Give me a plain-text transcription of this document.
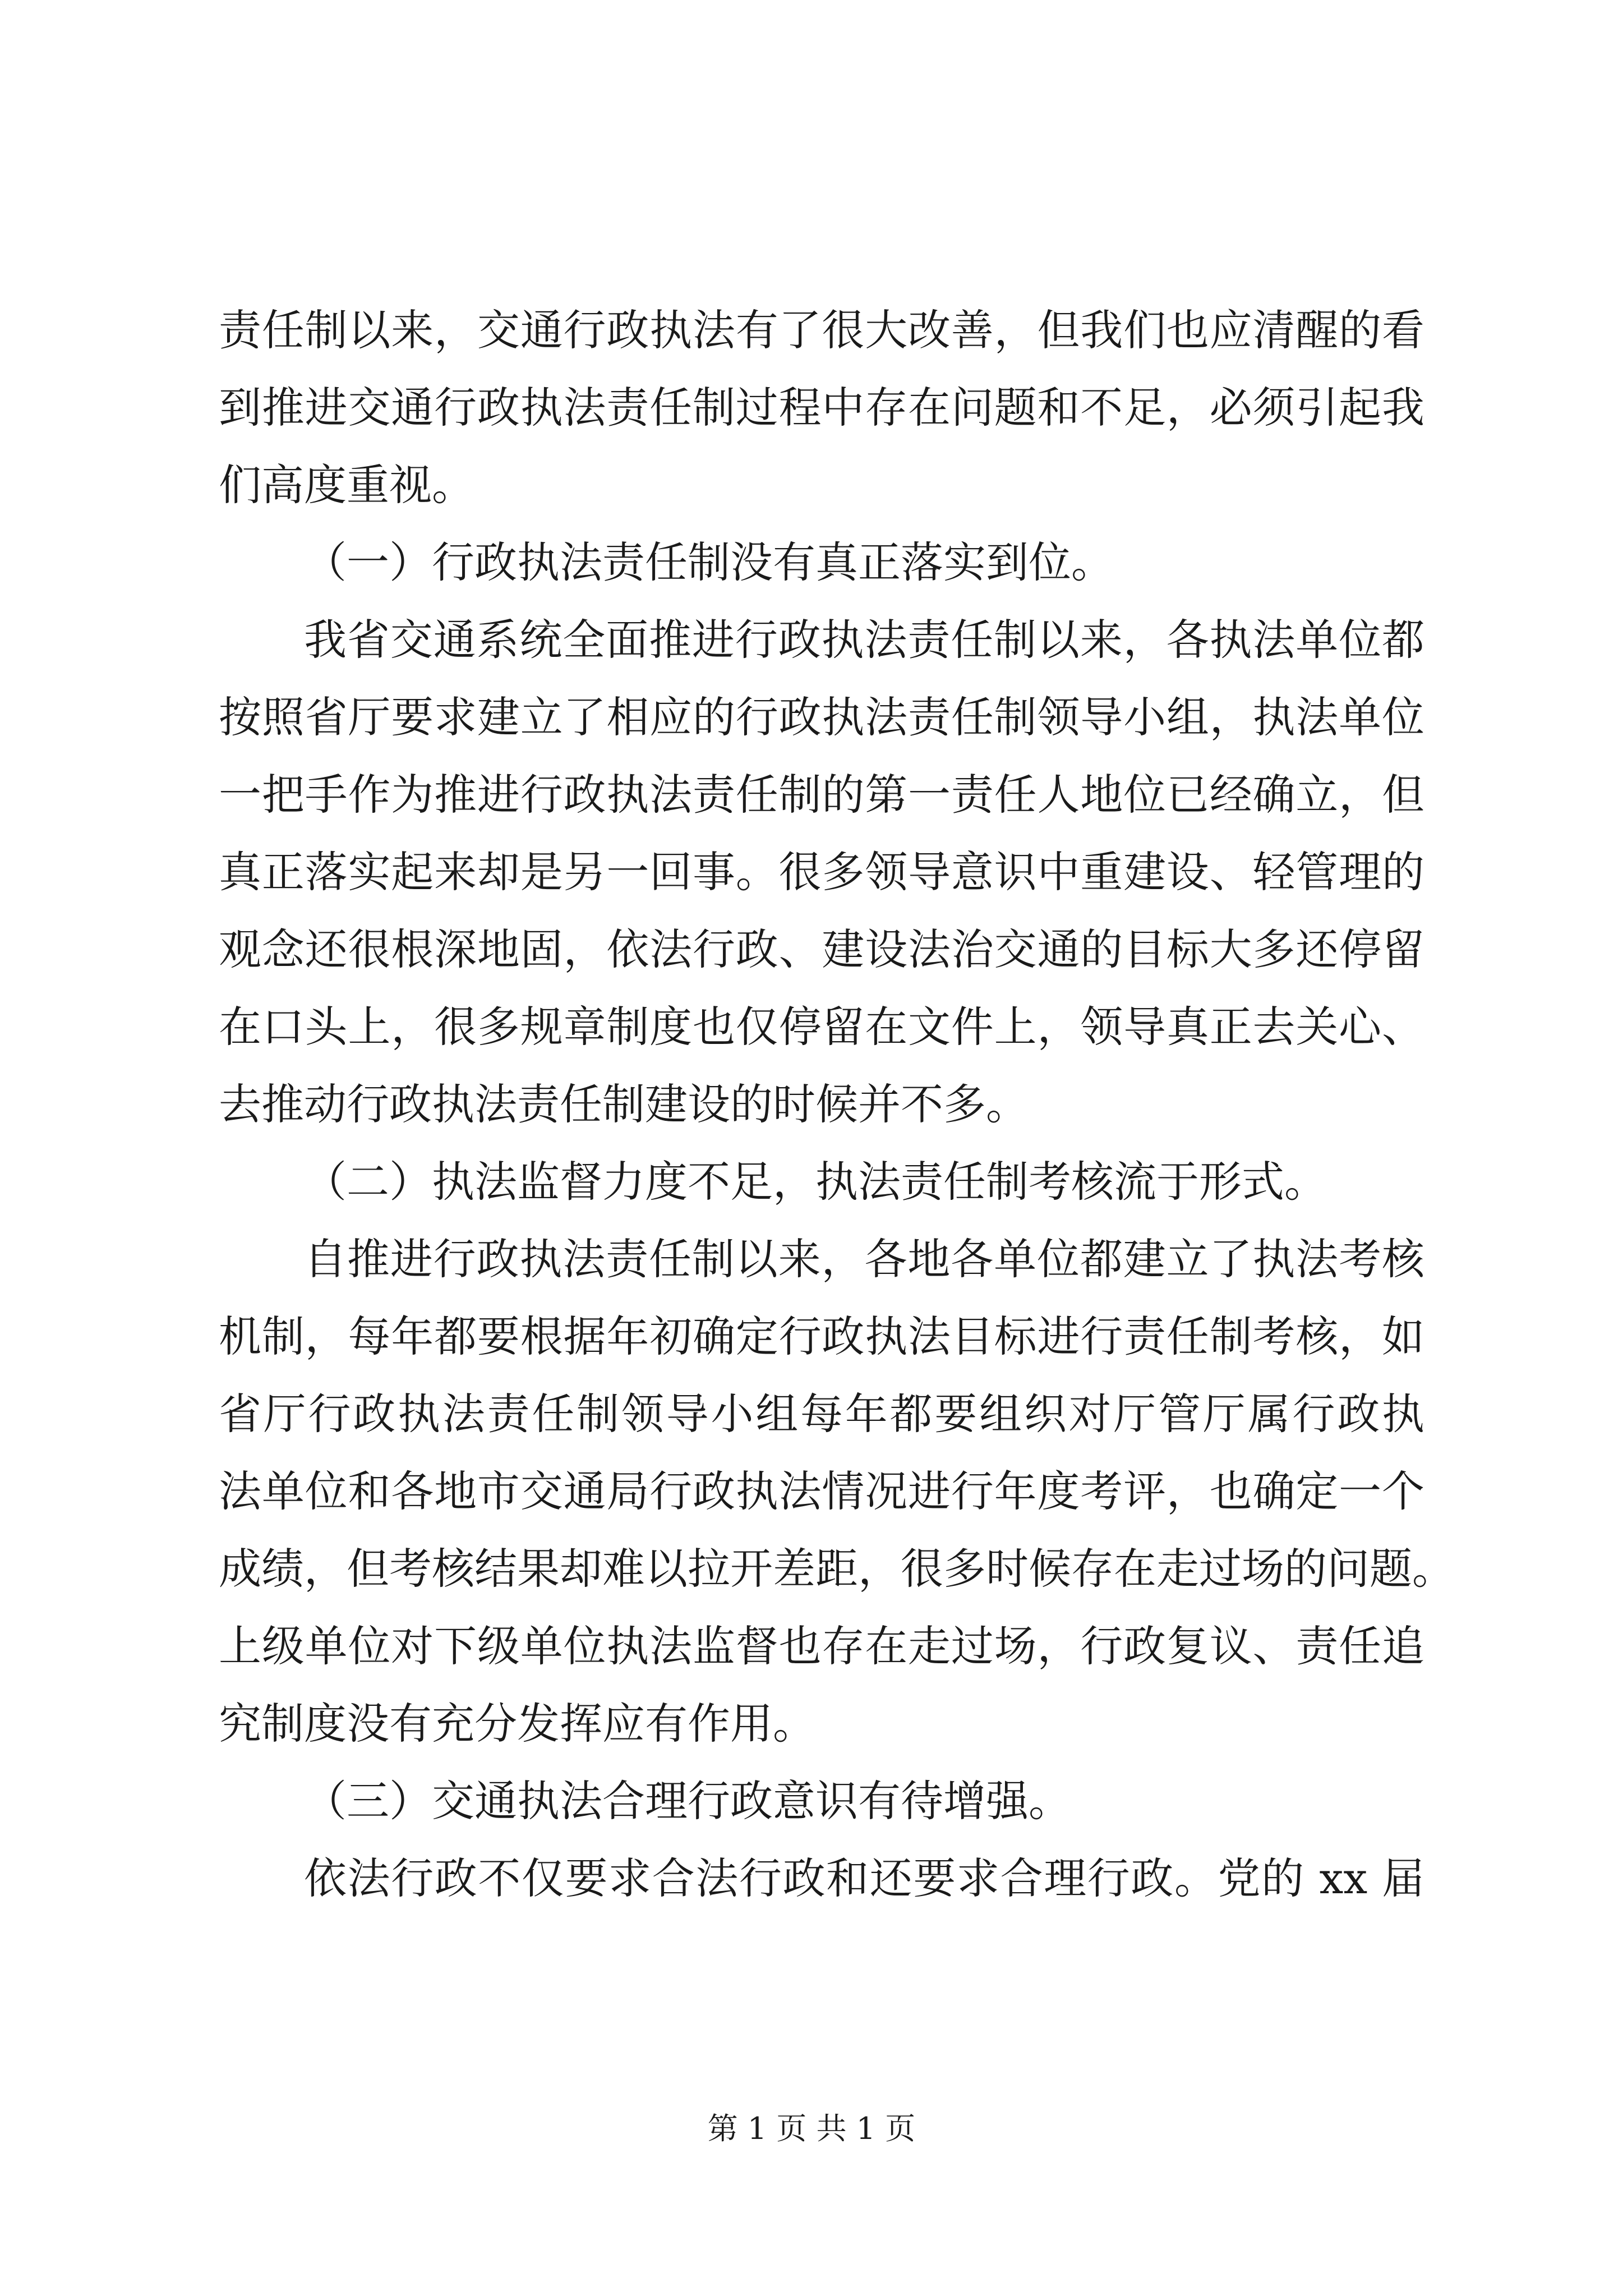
责任制以来，交通行政执法有了很大改善，但我们也应清醒的看
到推进交通行政执法责任制过程中存在问题和不足，必须引起我
们高度重视。
（一）行政执法责任制没有真正落实到位。
我省交通系统全面推进行政执法责任制以来，各执法单位都
按照省厅要求建立了相应的行政执法责任制领导小组，执法单位
一把手作为推进行政执法责任制的第一责任人地位已经确立，但
真正落实起来却是另一回事。很多领导意识中重建设、轻管理的
观念还很根深地固，依法行政、建设法治交通的目标大多还停留
在口头上，很多规章制度也仅停留在文件上，领导真正去关心、
去推动行政执法责任制建设的时候并不多。
（二）执法监督力度不足，执法责任制考核流于形式。
自推进行政执法责任制以来，各地各单位都建立了执法考核
机制，每年都要根据年初确定行政执法目标进行责任制考核，如
省厅行政执法责任制领导小组每年都要组织对厅管厅属行政执
法单位和各地市交通局行政执法情况进行年度考评，也确定一个
成绩，但考核结果却难以拉开差距，很多时候存在走过场的问题。
上级单位对下级单位执法监督也存在走过场，行政复议、责任追
究制度没有充分发挥应有作用。
（三）交通执法合理行政意识有待增强。
依法行政不仅要求合法行政和还要求合理行政。党的 xx 届
第 1 页 共 1 页
